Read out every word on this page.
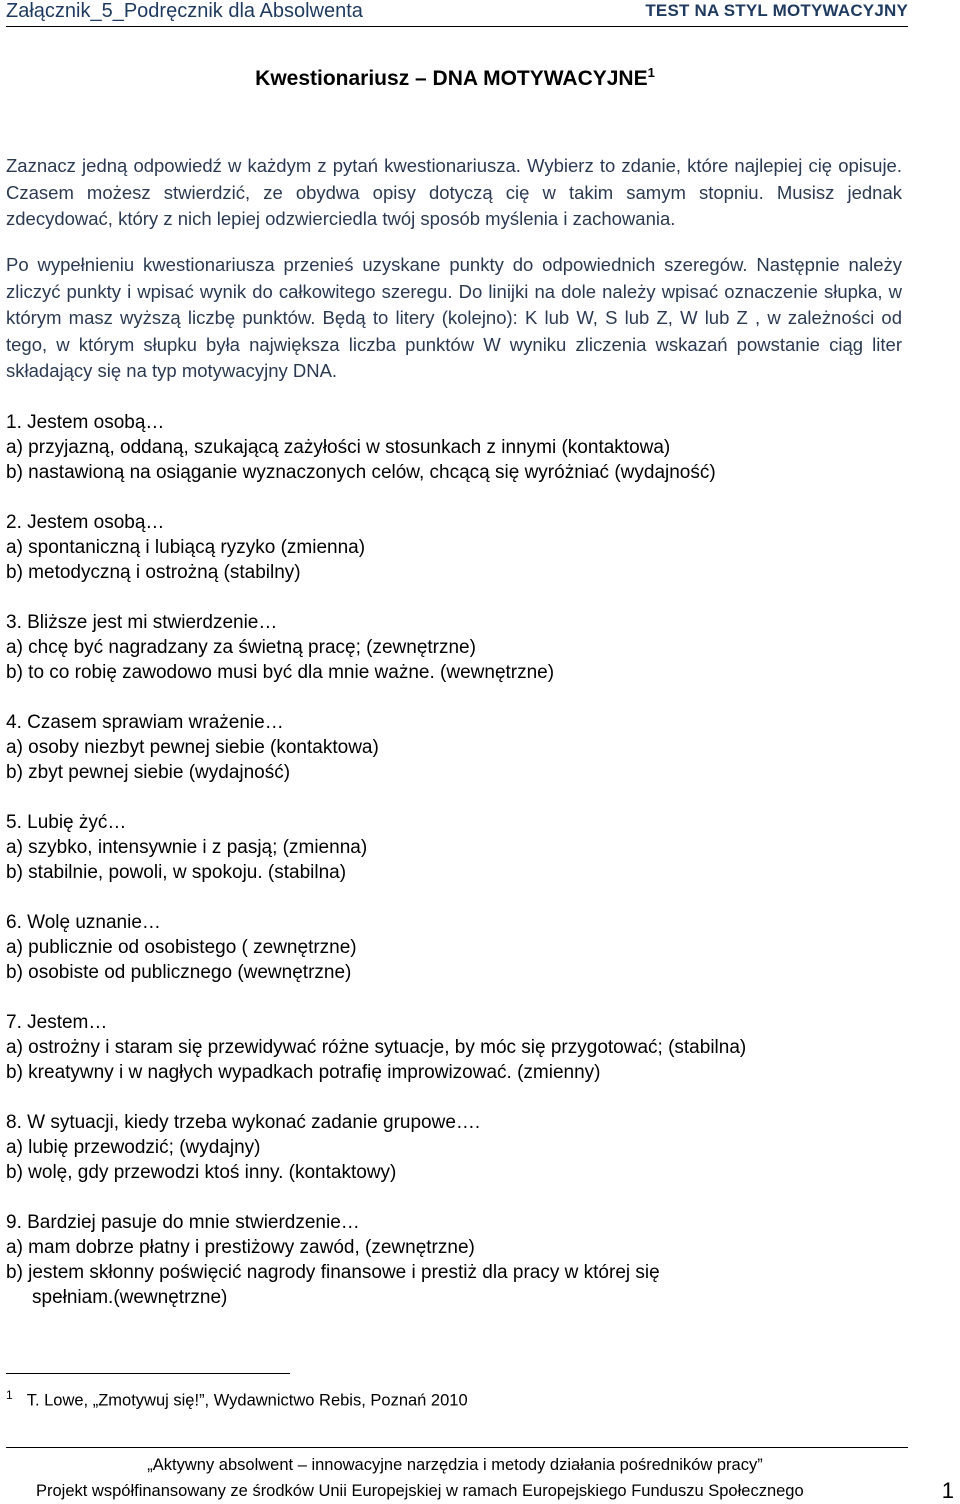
Załącznik_5_Podręcznik dla Absolwenta	TEST NA STYL MOTYWACYJNY
Kwestionariusz – DNA MOTYWACYJNE$^1$

Zaznacz jedną odpowiedź w każdym z pytań kwestionariusza. Wybierz to zdanie, które najlepiej cię opisuje. Czasem możesz stwierdzić, ze obydwa opisy dotyczą cię w takim samym stopniu. Musisz jednak zdecydować, który z nich lepiej odzwierciedla twój sposób myślenia i zachowania.

Po wypełnieniu kwestionariusza przenieś uzyskane punkty do odpowiednich szeregów. Następnie należy zliczyć punkty i wpisać wynik do całkowitego szeregu. Do linijki na dole należy wpisać oznaczenie słupka, w którym masz wyższą liczbę punktów. Będą to litery (kolejno): K lub W, S lub Z, W lub Z , w zależności od tego, w którym słupku była największa liczba punktów W wyniku zliczenia wskazań powstanie ciąg liter składający się na typ motywacyjny DNA.

1. Jestem osobą…
a) przyjazną, oddaną, szukającą zażyłości w stosunkach z innymi (kontaktowa)
b) nastawioną na osiąganie wyznaczonych celów, chcącą się wyróżniać (wydajność)
2. Jestem osobą…
a) spontaniczną i lubiącą ryzyko (zmienna)
b) metodyczną i ostrożną (stabilny)
3. Bliższe jest mi stwierdzenie…
a) chcę być nagradzany za świetną pracę; (zewnętrzne)
b) to co robię zawodowo musi być dla mnie ważne. (wewnętrzne)
4. Czasem sprawiam wrażenie…
a) osoby niezbyt pewnej siebie (kontaktowa)
b) zbyt pewnej siebie (wydajność)
5. Lubię żyć…
a) szybko, intensywnie i z pasją; (zmienna)
b) stabilnie, powoli, w spokoju. (stabilna)
6. Wolę uznanie…
a) publicznie od osobistego ( zewnętrzne)
b) osobiste od publicznego (wewnętrzne)
7. Jestem…
a) ostrożny i staram się przewidywać różne sytuacje, by móc się przygotować; (stabilna)
b) kreatywny i w nagłych wypadkach potrafię improwizować. (zmienny)
8. W sytuacji, kiedy trzeba wykonać zadanie grupowe….
a) lubię przewodzić; (wydajny)
b) wolę, gdy przewodzi ktoś inny. (kontaktowy)
9. Bardziej pasuje do mnie stwierdzenie…
a) mam dobrze płatny i prestiżowy zawód, (zewnętrzne)
b) jestem skłonny poświęcić nagrody finansowe i prestiż dla pracy w której się
spełniam.(wewnętrzne)
$^1$ T. Lowe, „Zmotywuj się!”, Wydawnictwo Rebis, Poznań 2010
„Aktywny absolwent – innowacyjne narzędzia i metody działania pośredników pracy”
Projekt współfinansowany ze środków Unii Europejskiej w ramach Europejskiego Funduszu Społecznego	1
